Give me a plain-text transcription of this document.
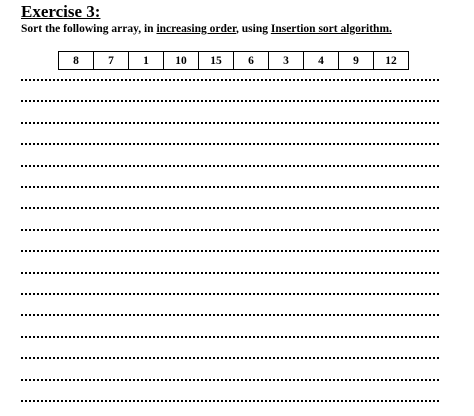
Exercise 3:
Sort the following array, in increasing order, using Insertion sort algorithm.
8	7	1	10	15	6	3	4	9	12
